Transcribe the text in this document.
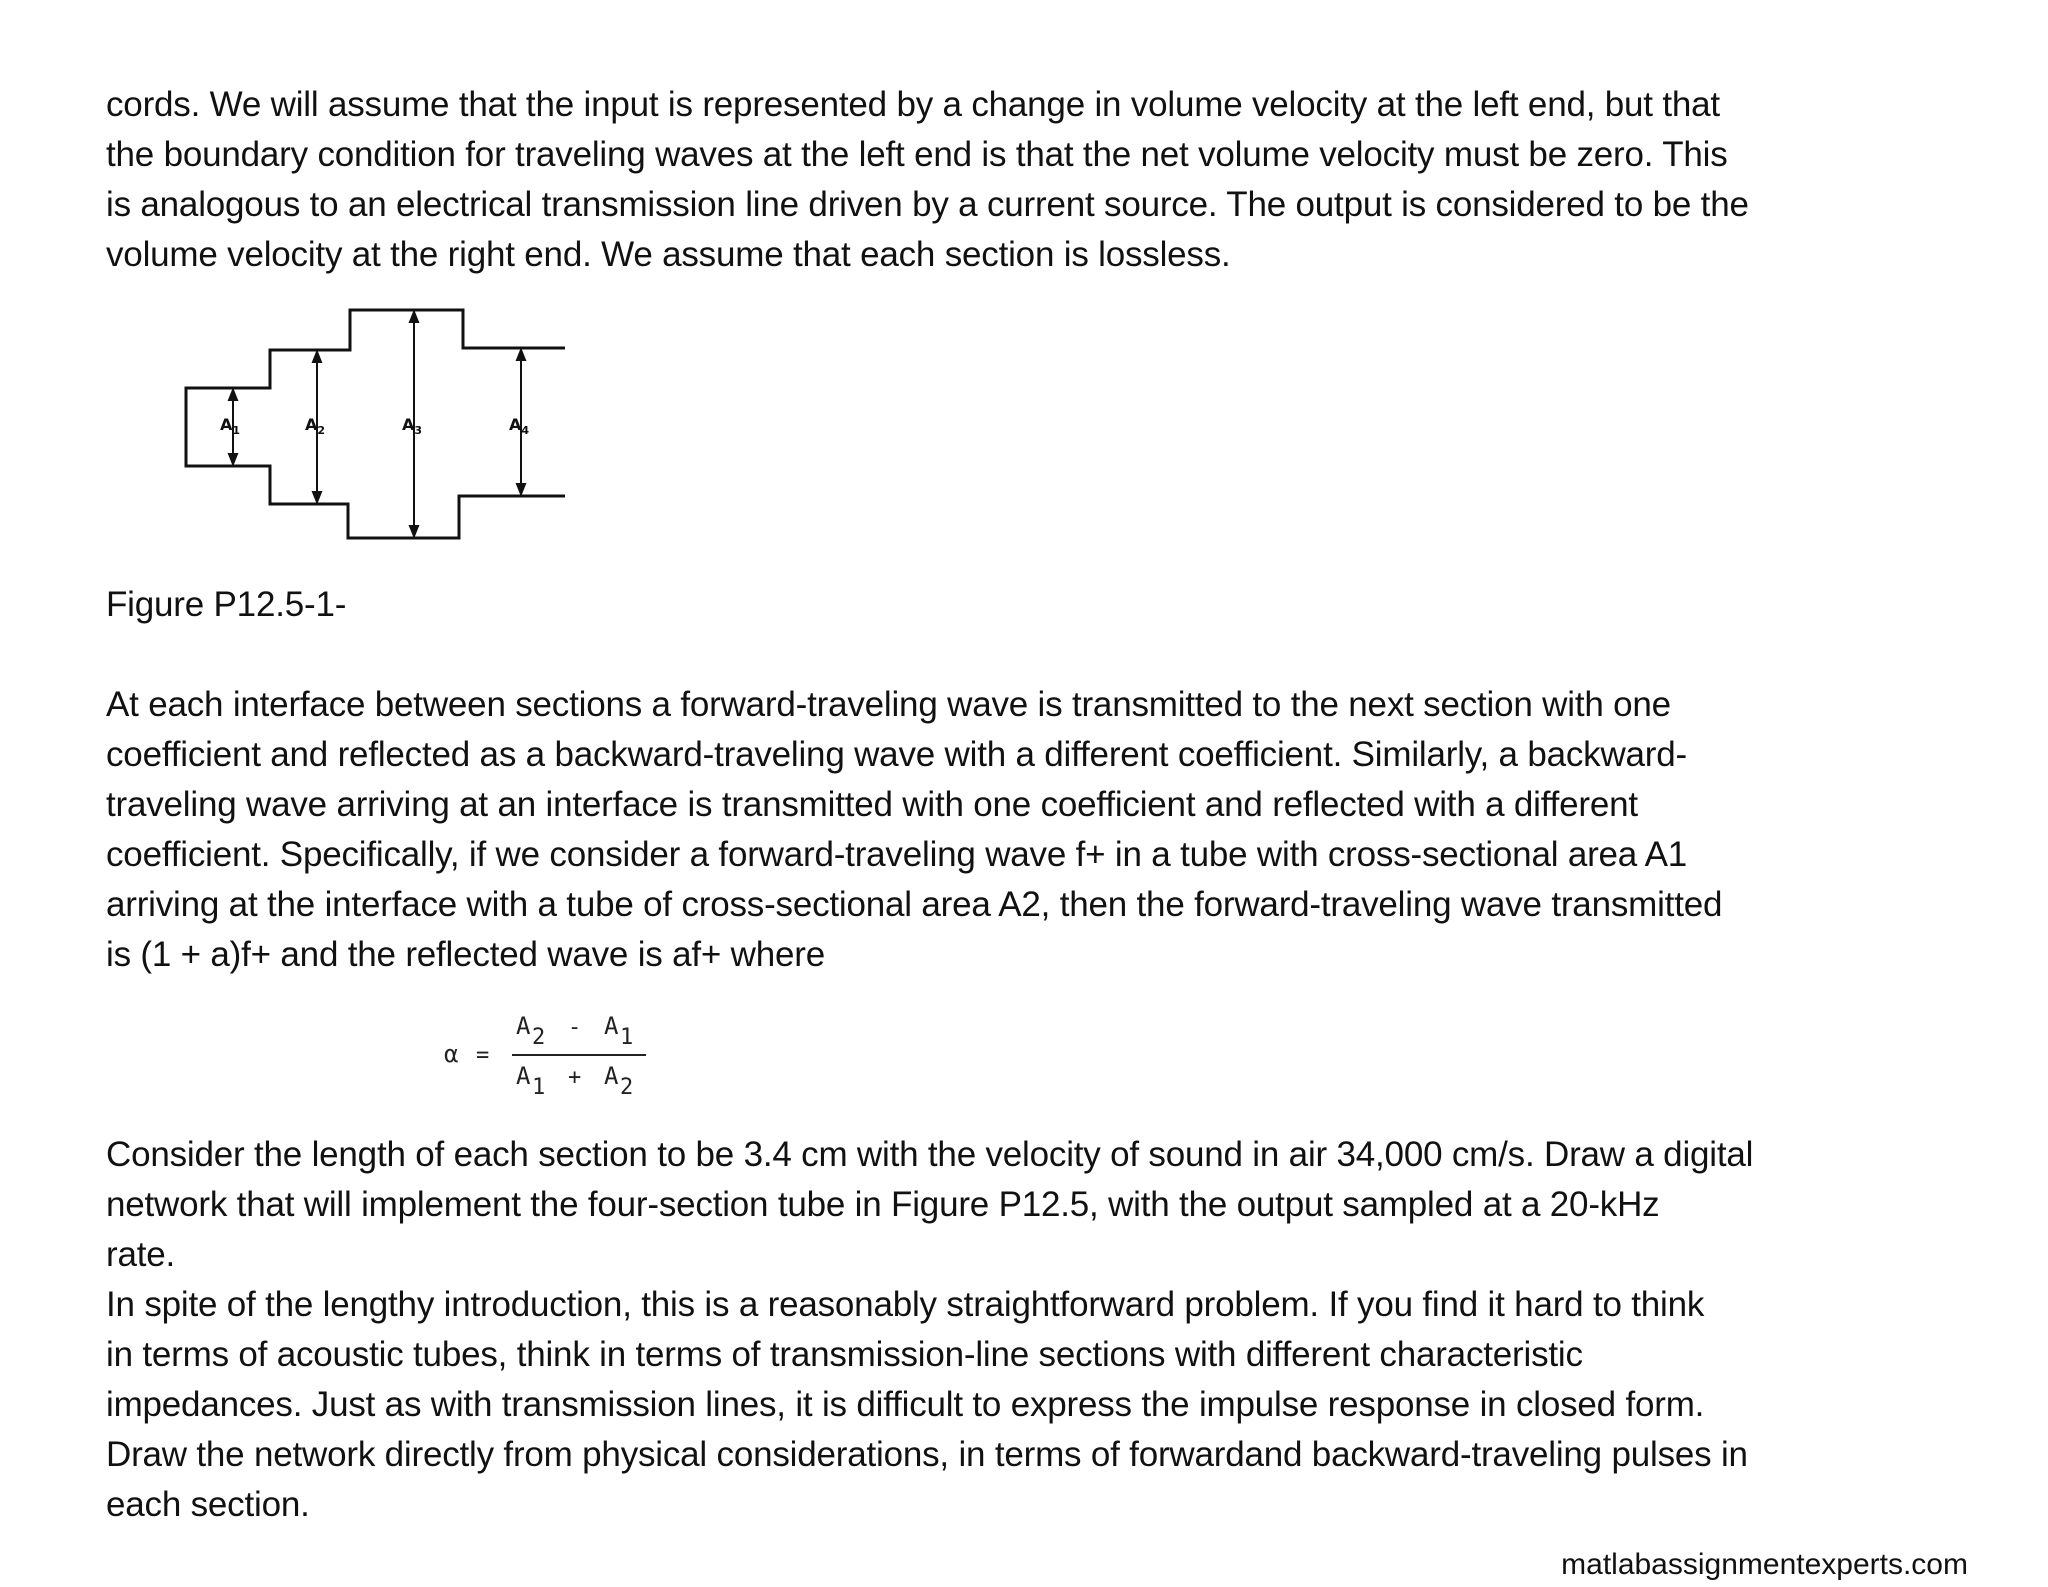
cords. We will assume that the input is represented by a change in volume velocity at the left end, but that
the boundary condition for traveling waves at the left end is that the net volume velocity must be zero. This
is analogous to an electrical transmission line driven by a current source. The output is considered to be the
volume velocity at the right end. We assume that each section is lossless.

$A_1$	$A_2$	$A_3$	$A_4$

Figure P12.5-1-

At each interface between sections a forward-traveling wave is transmitted to the next section with one
coefficient and reflected as a backward-traveling wave with a different coefficient. Similarly, a backward-
traveling wave arriving at an interface is transmitted with one coefficient and reflected with a different
coefficient. Specifically, if we consider a forward-traveling wave f+ in a tube with cross-sectional area A1
arriving at the interface with a tube of cross-sectional area A2, then the forward-traveling wave transmitted
is (1 + a)f+ and the reflected wave is af+ where

α =
A 2 - A 1
A 1 + A 2

Consider the length of each section to be 3.4 cm with the velocity of sound in air 34,000 cm/s. Draw a digital
network that will implement the four-section tube in Figure P12.5, with the output sampled at a 20-kHz
rate.

In spite of the lengthy introduction, this is a reasonably straightforward problem. If you find it hard to think
in terms of acoustic tubes, think in terms of transmission-line sections with different characteristic
impedances. Just as with transmission lines, it is difficult to express the impulse response in closed form.
Draw the network directly from physical considerations, in terms of forwardand backward-traveling pulses in
each section.

matlabassignmentexperts.com
